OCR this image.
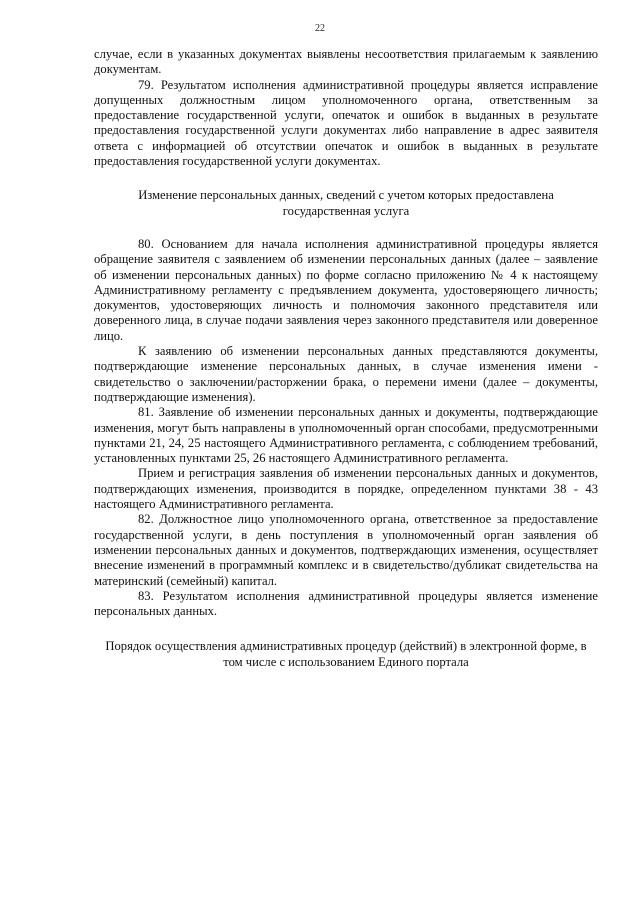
22

случае, если в указанных документах выявлены несоответствия прилагаемым к заявлению документам.

79. Результатом исполнения административной процедуры является исправление допущенных должностным лицом уполномоченного органа, ответственным за предоставление государственной услуги, опечаток и ошибок в выданных в результате предоставления государственной услуги документах либо направление в адрес заявителя ответа с информацией об отсутствии опечаток и ошибок в выданных в результате предоставления государственной услуги документах.

Изменение персональных данных, сведений с учетом которых предоставлена государственная услуга

80. Основанием для начала исполнения административной процедуры является обращение заявителя с заявлением об изменении персональных данных (далее – заявление об изменении персональных данных) по форме согласно приложению № 4 к настоящему Административному регламенту с предъявлением документа, удостоверяющего личность; документов, удостоверяющих личность и полномочия законного представителя или доверенного лица, в случае подачи заявления через законного представителя или доверенное лицо.

К заявлению об изменении персональных данных представляются документы, подтверждающие изменение персональных данных, в случае изменения имени - свидетельство о заключении/расторжении брака, о перемени имени (далее – документы, подтверждающие изменения).

81. Заявление об изменении персональных данных и документы, подтверждающие изменения, могут быть направлены в уполномоченный орган способами, предусмотренными пунктами 21, 24, 25 настоящего Административного регламента, с соблюдением требований, установленных пунктами 25, 26 настоящего Административного регламента.

Прием и регистрация заявления об изменении персональных данных и документов, подтверждающих изменения, производится в порядке, определенном пунктами 38 - 43 настоящего Административного регламента.

82. Должностное лицо уполномоченного органа, ответственное за предоставление государственной услуги, в день поступления в уполномоченный орган заявления об изменении персональных данных и документов, подтверждающих изменения, осуществляет внесение изменений в программный комплекс и в свидетельство/дубликат свидетельства на материнский (семейный) капитал.

83. Результатом исполнения административной процедуры является изменение персональных данных.

Порядок осуществления административных процедур (действий) в электронной форме, в том числе с использованием Единого портала
